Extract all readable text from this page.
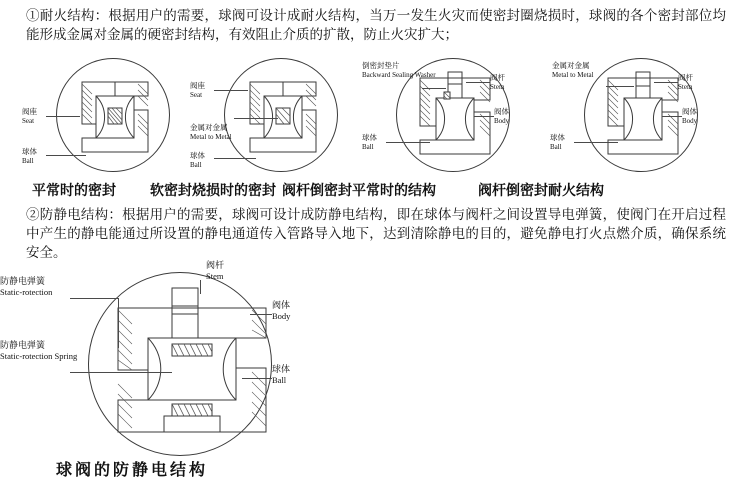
①耐火结构：根据用户的需要，球阀可设计成耐火结构，当万一发生火灾而使密封圈烧损时，球阀的各个密封部位均能形成金属对金属的硬密封结构，有效阻止介质的扩散，防止火灾扩大；
阀座
Seat
球体
Ball
阀座
Seat
金属对金属
Metal to Metal
球体
Ball
倒密封垫片
Backward Sealing Washer	阀杆
Stem
阀体
Body
球体
Ball
金属对金属
Metal to Metal	阀杆
Stem
阀体
Body
球体
Ball
平常时的密封 软密封烧损时的密封 阀杆倒密封平常时的结构	阀杆倒密封耐火结构
②防静电结构：根据用户的需要，球阀可设计成防静电结构，即在球体与阀杆之间设置导电弹簧，使阀门在开启过程中产生的静电能通过所设置的静电通道传入管路导入地下，达到清除静电的目的，避免静电打火点燃介质，确保系统安全。
防静电弹簧
Static-rotection
防静电弹簧
Static-rotection Spring
阀杆
Stem
阀体
Body
球体
Ball
球阀的防静电结构
